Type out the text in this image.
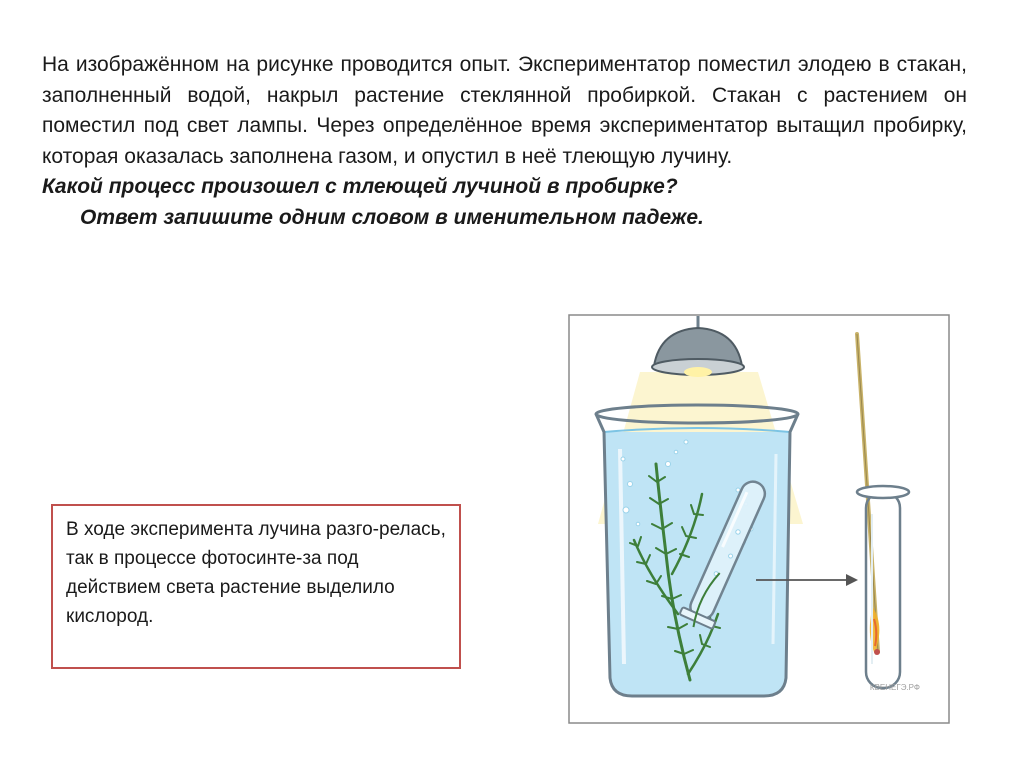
На изображённом на рисунке проводится опыт. Экспериментатор поместил элодею в стакан, заполненный водой, накрыл растение стеклянной пробиркой. Стакан с растением он поместил под свет лампы. Через определённое время экспериментатор вытащил пробирку, которая оказалась заполнена газом, и опустил в неё тлеющую лучину.

Какой процесс произошел с тлеющей лучиной в пробирке?

Ответ запишите одним словом в именительном падеже.

В ходе эксперимента лучина разго-релась, так в процессе фотосинте-за под действием света растение выделило кислород.
КВЕНЕГЭ.РФ
